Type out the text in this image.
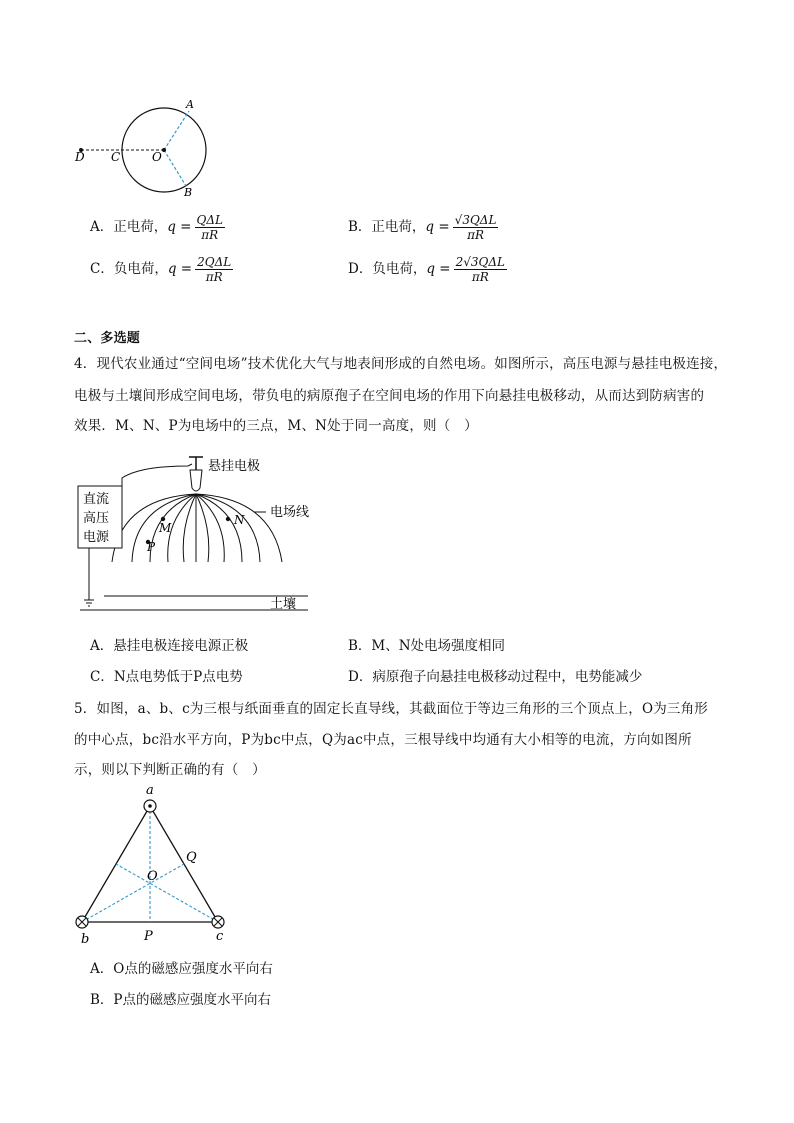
A
B
C
D	O
A．正电荷，$q = \frac{\text{QΔL}}{\pi R}$	B．正电荷，$q = \frac{\text{√3QΔL}}{\pi R}$
C．负电荷，$q = \frac{\text{2QΔL}}{\pi R}$	D．负电荷，$q = \frac{\text{2√3QΔL}}{\pi R}$
二、多选题
4．现代农业通过“空间电场”技术优化大气与地表间形成的自然电场。如图所示，高压电源与悬挂电极连接，
电极与土壤间形成空间电场，带负电的病原孢子在空间电场的作用下向悬挂电极移动，从而达到防病害的
效果．M、N、P为电场中的三点，M、N处于同一高度，则（　）
直流
高压
电源
土壤
悬挂电极
电场线
M
N
P
A．悬挂电极连接电源正极	B．M、N处电场强度相同
C．N点电势低于P点电势	D．病原孢子向悬挂电极移动过程中，电势能减少
5．如图，a、b、c为三根与纸面垂直的固定长直导线，其截面位于等边三角形的三个顶点上，O为三角形
的中心点，bc沿水平方向，P为bc中点，Q为ac中点，三根导线中均通有大小相等的电流，方向如图所
示，则以下判断正确的有（　）
a
b	c
O
P
Q
A．O点的磁感应强度水平向右
B．P点的磁感应强度水平向右
